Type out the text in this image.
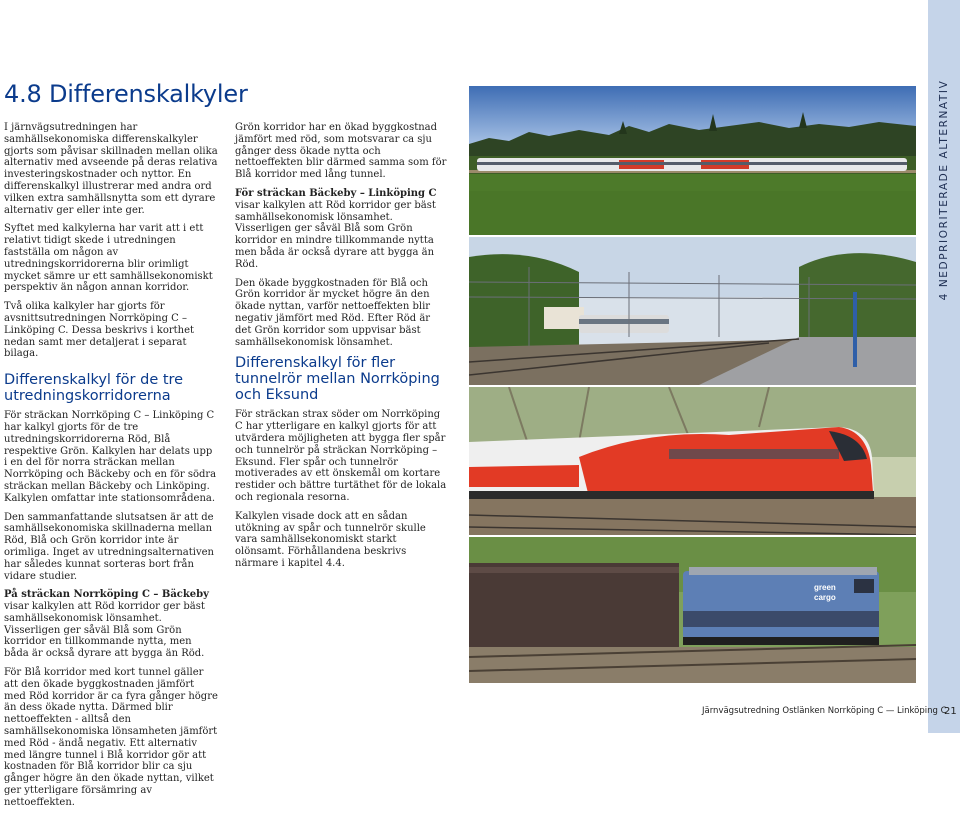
4.8 Differenskalkyler

I järnvägsutredningen har samhällsekonomiska differenskalkyler gjorts som påvisar skillnaden mellan olika alternativ med avseende på deras relativa investeringskostnader och nyttor. En differenskalkyl illustrerar med andra ord vilken extra samhällsnytta som ett dyrare alternativ ger eller inte ger.

Syftet med kalkylerna har varit att i ett relativt tidigt skede i utredningen fastställa om någon av utredningskorridorerna blir orimligt mycket sämre ur ett samhällsekonomiskt perspektiv än någon annan korridor.

Två olika kalkyler har gjorts för avsnittsutredningen Norrköping C – Linköping C. Dessa beskrivs i korthet nedan samt mer detaljerat i separat bilaga.

Differenskalkyl för de tre utredningskorridorerna

För sträckan Norrköping C – Linköping C har kalkyl gjorts för de tre utredningskorridorerna Röd, Blå respektive Grön. Kalkylen har delats upp i en del för norra sträckan mellan Norrköping och Bäckeby och en för södra sträckan mellan Bäckeby och Linköping. Kalkylen omfattar inte stationsområdena.

Den sammanfattande slutsatsen är att de samhällsekonomiska skillnaderna mellan Röd, Blå och Grön korridor inte är orimliga. Inget av utredningsalternativen har således kunnat sorteras bort från vidare studier.

På sträckan Norrköping C – Bäckeby visar kalkylen att Röd korridor ger bäst samhällsekonomisk lönsamhet. Visserligen ger såväl Blå som Grön korridor en tillkommande nytta, men båda är också dyrare att bygga än Röd.

För Blå korridor med kort tunnel gäller att den ökade byggkostnaden jämfört med Röd korridor är ca fyra gånger högre än dess ökade nytta. Därmed blir nettoeffekten - alltså den samhällsekonomiska lönsamheten jämfört med Röd - ändå negativ. Ett alternativ med längre tunnel i Blå korridor gör att kostnaden för Blå korridor blir ca sju gånger högre än den ökade nyttan, vilket ger ytterligare försämring av nettoeffekten.

Grön korridor har en ökad byggkostnad jämfört med röd, som motsvarar ca sju gånger dess ökade nytta och nettoeffekten blir därmed samma som för Blå korridor med lång tunnel.

För sträckan Bäckeby – Linköping C visar kalkylen att Röd korridor ger bäst samhällsekonomisk lönsamhet. Visserligen ger såväl Blå som Grön korridor en mindre tillkommande nytta men båda är också dyrare att bygga än Röd.

Den ökade byggkostnaden för Blå och Grön korridor är mycket högre än den ökade nyttan, varför nettoeffekten blir negativ jämfört med Röd. Efter Röd är det Grön korridor som uppvisar bäst samhällsekonomisk lönsamhet.

Differenskalkyl för fler tunnelrör mellan Norrköping och Eksund

För sträckan strax söder om Norrköping C har ytterligare en kalkyl gjorts för att utvärdera möjligheten att bygga fler spår och tunnelrör på sträckan Norrköping – Eksund. Fler spår och tunnelrör motiverades av ett önskemål om kortare restider och bättre turtäthet för de lokala och regionala resorna.

Kalkylen visade dock att en sådan utökning av spår och tunnelrör skulle vara samhällsekonomiskt starkt olönsamt. Förhållandena beskrivs närmare i kapitel 4.4.

green
cargo
4 NEDPRIORITERADE ALTERNATIV
Järnvägsutredning Ostlänken Norrköping C — Linköping C
21
